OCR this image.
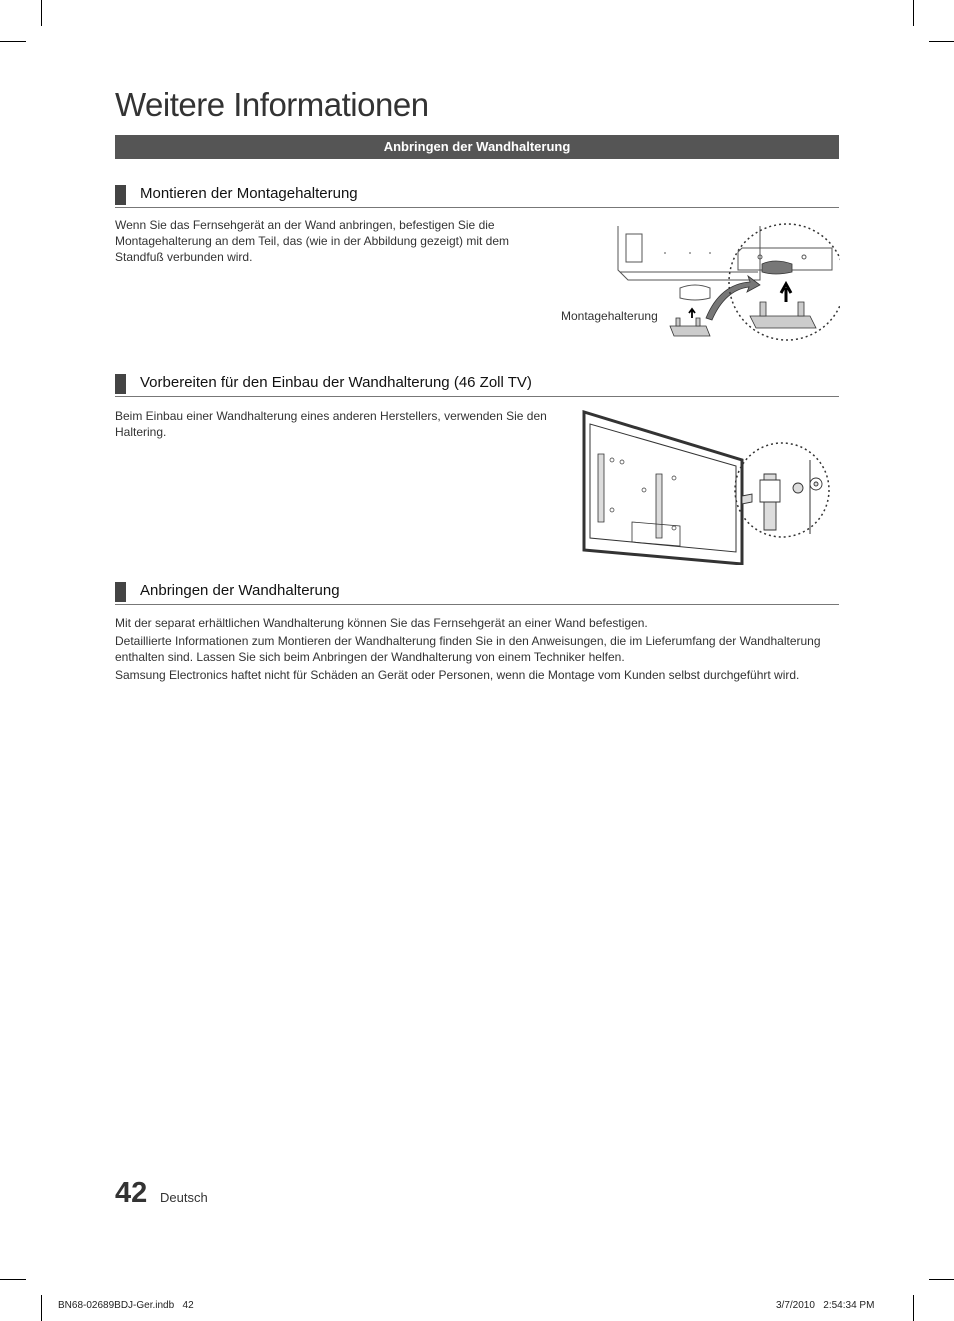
Weitere Informationen
Anbringen der Wandhalterung
Montieren der Montagehalterung
Wenn Sie das Fernsehgerät an der Wand anbringen, befestigen Sie die Montagehalterung an dem Teil, das (wie in der Abbildung gezeigt) mit dem Standfuß verbunden wird.
Montagehalterung
Vorbereiten für den Einbau der Wandhalterung (46 Zoll TV)
Beim Einbau einer Wandhalterung eines anderen Herstellers, verwenden Sie den Haltering.
Anbringen der Wandhalterung
Mit der separat erhältlichen Wandhalterung können Sie das Fernsehgerät an einer Wand befestigen.
Detaillierte Informationen zum Montieren der Wandhalterung finden Sie in den Anweisungen, die im Lieferumfang der Wandhalterung enthalten sind. Lassen Sie sich beim Anbringen der Wandhalterung von einem Techniker helfen.
Samsung Electronics haftet nicht für Schäden an Gerät oder Personen, wenn die Montage vom Kunden selbst durchgeführt wird.
42 Deutsch
BN68-02689BDJ-Ger.indb   42	3/7/2010   2:54:34 PM
